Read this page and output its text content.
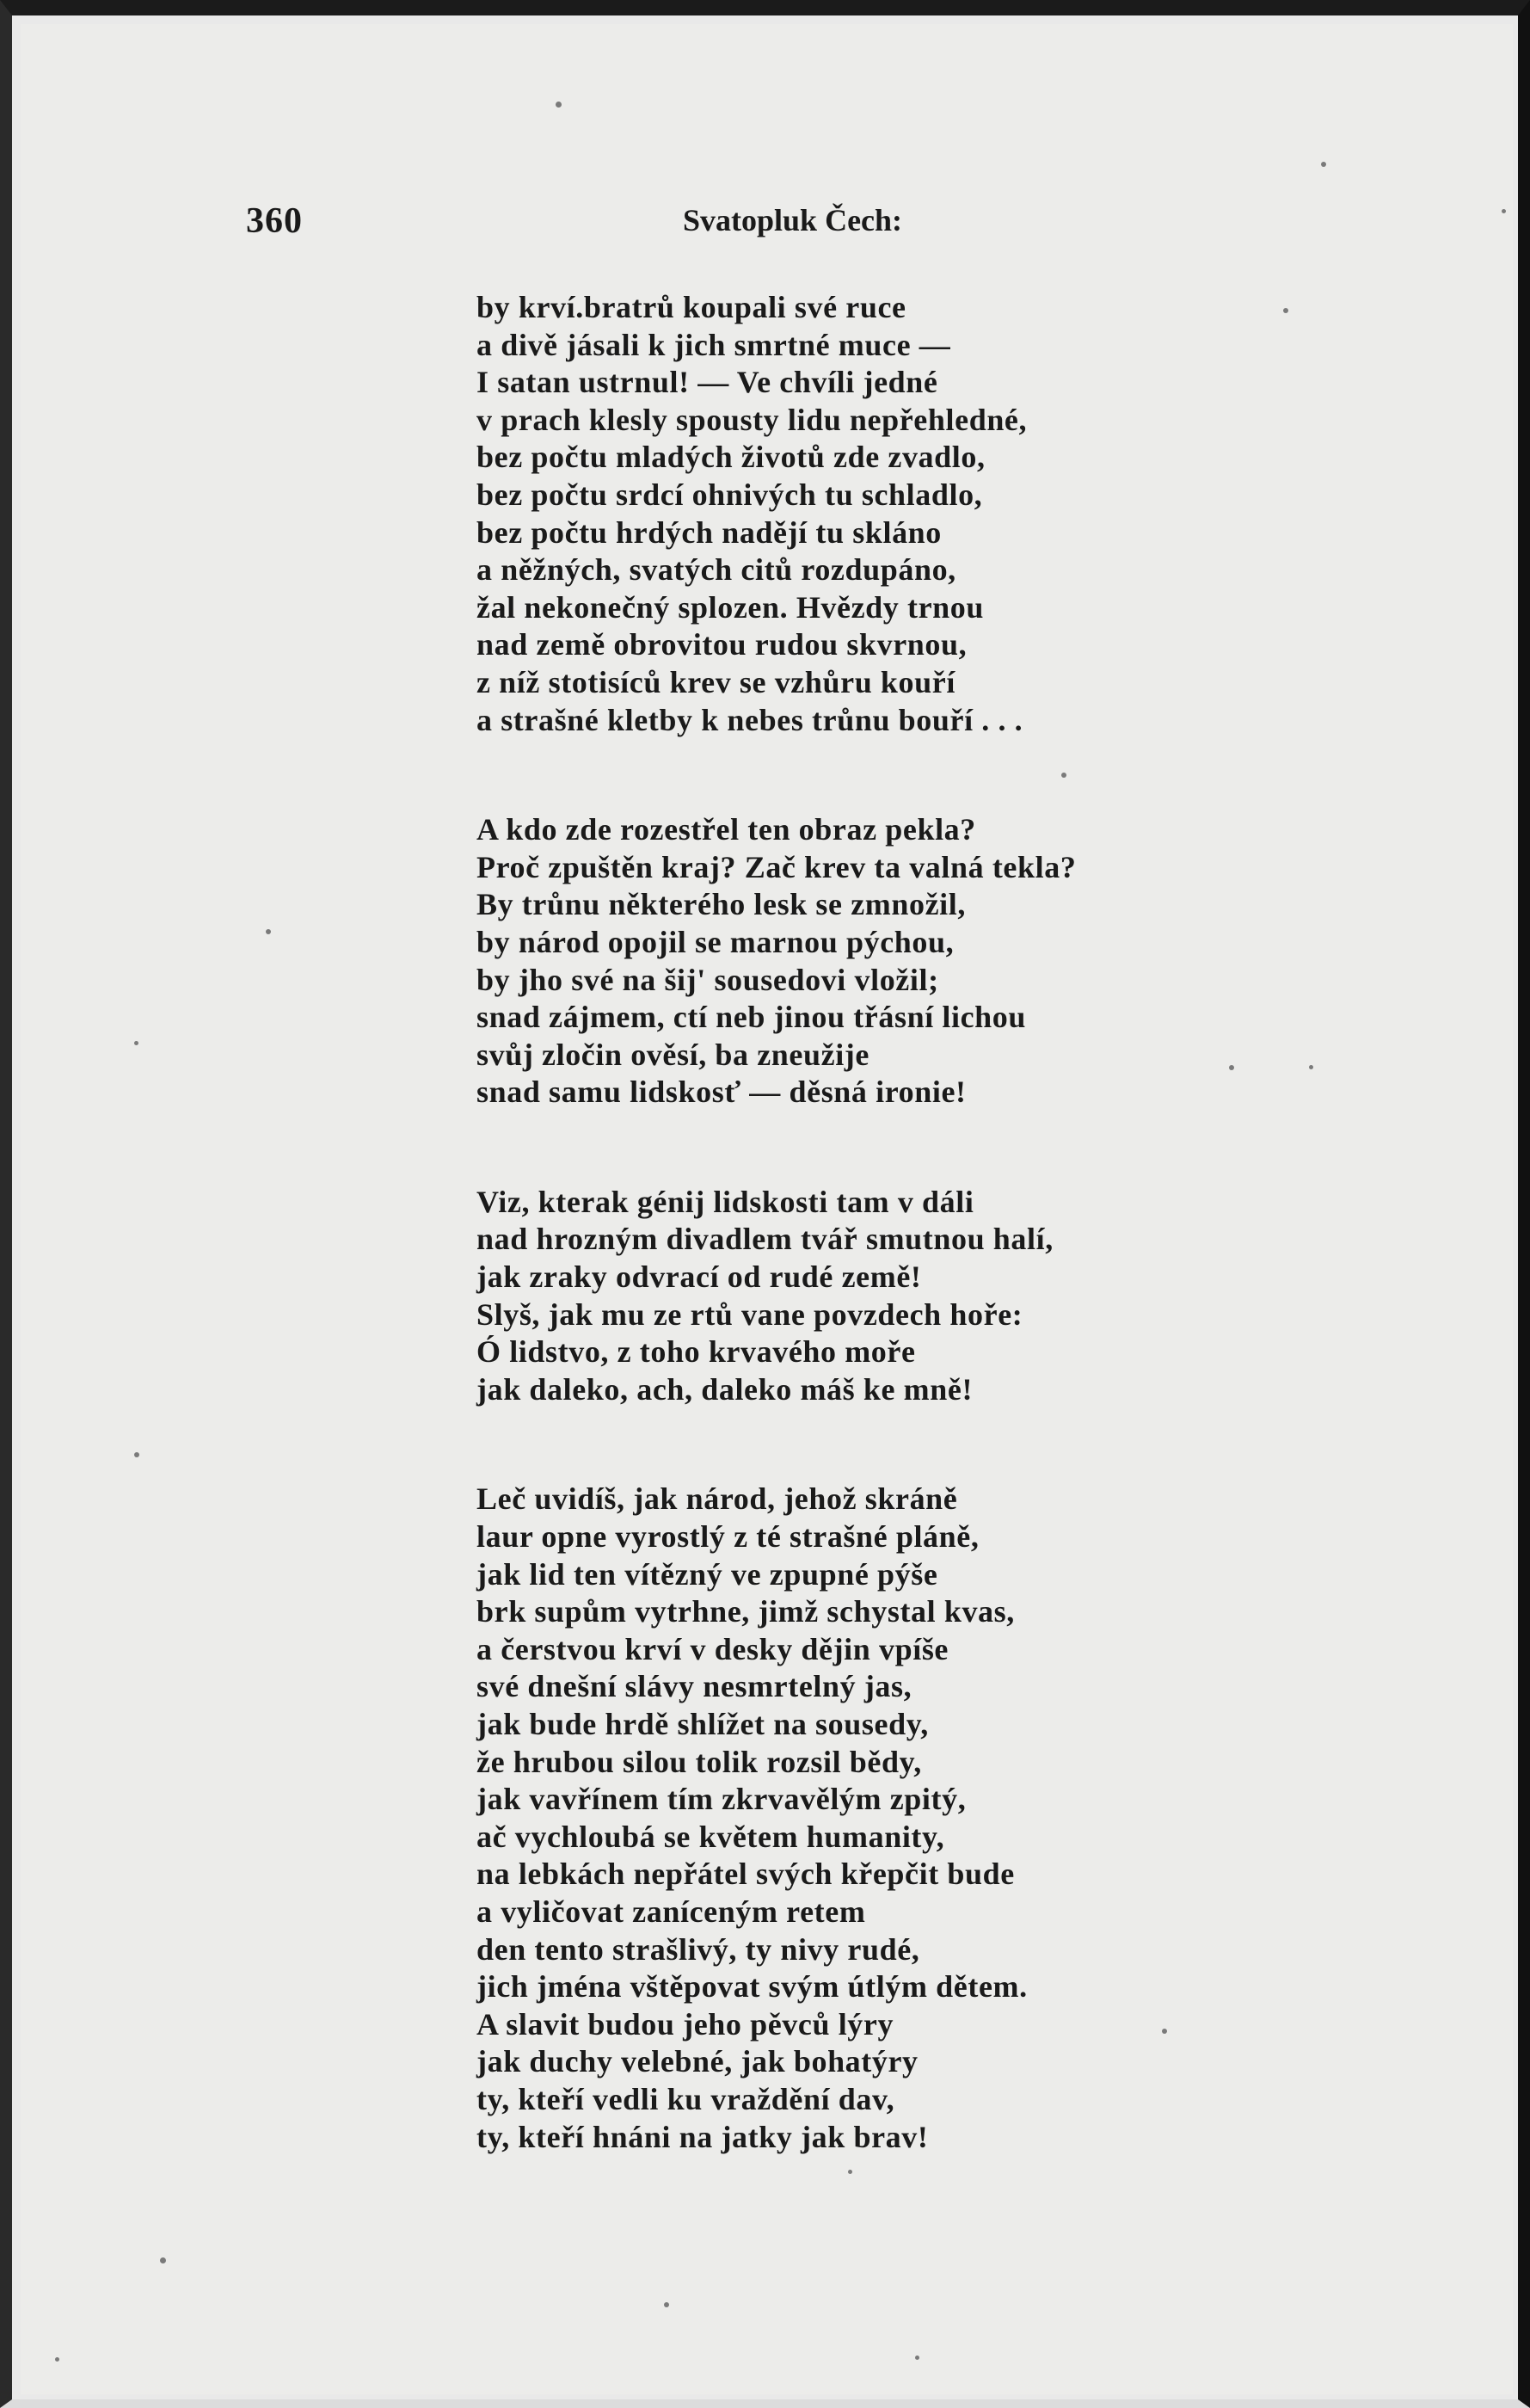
360	Svatopluk Čech:
by krví.bratrů koupali své ruce
a divě jásali k jich smrtné muce —
I satan ustrnul! — Ve chvíli jedné
v prach klesly spousty lidu nepřehledné,
bez počtu mladých životů zde zvadlo,
bez počtu srdcí ohnivých tu schladlo,
bez počtu hrdých nadějí tu skláno
a něžných, svatých citů rozdupáno,
žal nekonečný splozen. Hvězdy trnou
nad země obrovitou rudou skvrnou,
z níž stotisíců krev se vzhůru kouří
a strašné kletby k nebes trůnu bouří . . .
A kdo zde rozestřel ten obraz pekla?
Proč zpuštěn kraj? Zač krev ta valná tekla?
By trůnu některého lesk se zmnožil,
by národ opojil se marnou pýchou,
by jho své na šij' sousedovi vložil;
snad zájmem, ctí neb jinou třásní lichou
svůj zločin ověsí, ba zneužije
snad samu lidskosť — děsná ironie!
Viz, kterak génij lidskosti tam v dáli
nad hrozným divadlem tvář smutnou halí,
jak zraky odvrací od rudé země!
Slyš, jak mu ze rtů vane povzdech hoře:
Ó lidstvo, z toho krvavého moře
jak daleko, ach, daleko máš ke mně!
Leč uvidíš, jak národ, jehož skráně
laur opne vyrostlý z té strašné pláně,
jak lid ten vítězný ve zpupné pýše
brk supům vytrhne, jimž schystal kvas,
a čerstvou krví v desky dějin vpíše
své dnešní slávy nesmrtelný jas,
jak bude hrdě shlížet na sousedy,
že hrubou silou tolik rozsil bědy,
jak vavřínem tím zkrvavělým zpitý,
ač vychloubá se květem humanity,
na lebkách nepřátel svých křepčit bude
a vyličovat zaníceným retem
den tento strašlivý, ty nivy rudé,
jich jména vštěpovat svým útlým dětem.
A slavit budou jeho pěvců lýry
jak duchy velebné, jak bohatýry
ty, kteří vedli ku vraždění dav,
ty, kteří hnáni na jatky jak brav!
